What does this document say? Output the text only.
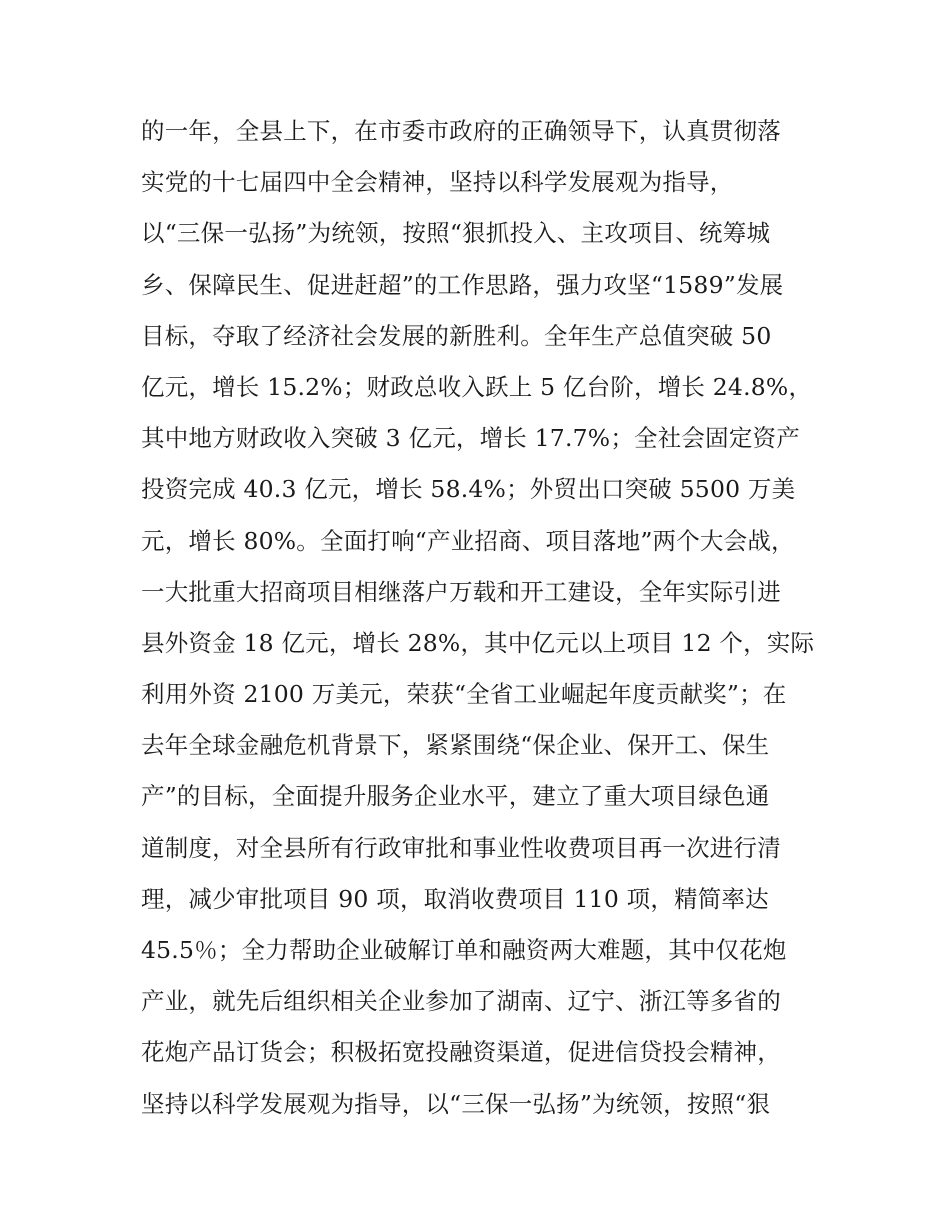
的一年，全县上下，在市委市政府的正确领导下，认真贯彻落
实党的十七届四中全会精神，坚持以科学发展观为指导，
以“三保一弘扬”为统领，按照“狠抓投入、主攻项目、统筹城
乡、保障民生、促进赶超”的工作思路，强力攻坚“1589”发展
目标，夺取了经济社会发展的新胜利。全年生产总值突破 50
亿元，增长 15.2%；财政总收入跃上 5 亿台阶，增长 24.8%，
其中地方财政收入突破 3 亿元，增长 17.7%；全社会固定资产
投资完成 40.3 亿元，增长 58.4%；外贸出口突破 5500 万美
元，增长 80%。全面打响“产业招商、项目落地”两个大会战，
一大批重大招商项目相继落户万载和开工建设，全年实际引进
县外资金 18 亿元，增长 28%，其中亿元以上项目 12 个，实际
利用外资 2100 万美元，荣获“全省工业崛起年度贡献奖”；在
去年全球金融危机背景下，紧紧围绕“保企业、保开工、保生
产”的目标，全面提升服务企业水平，建立了重大项目绿色通
道制度，对全县所有行政审批和事业性收费项目再一次进行清
理，减少审批项目 90 项，取消收费项目 110 项，精简率达
45.5％；全力帮助企业破解订单和融资两大难题，其中仅花炮
产业，就先后组织相关企业参加了湖南、辽宁、浙江等多省的
花炮产品订货会；积极拓宽投融资渠道，促进信贷投会精神，
坚持以科学发展观为指导，以“三保一弘扬”为统领，按照“狠
